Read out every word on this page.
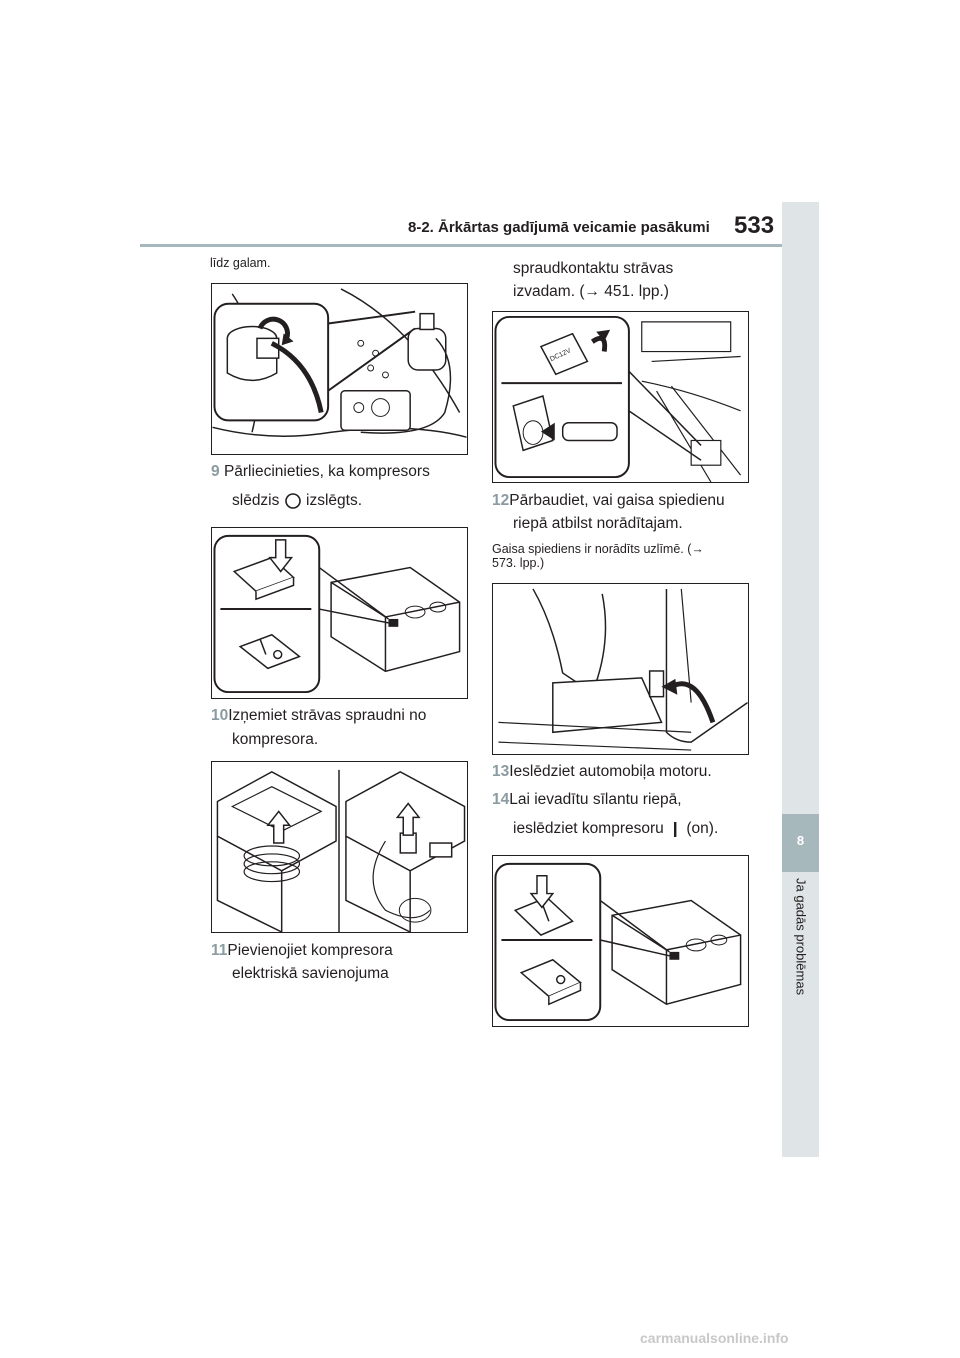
8-2. Ārkārtas gadījumā veicamie pasākumi 533
8
Ja gadās problēmas
līdz galam.
9 Pārliecinieties, ka kompresors
slēdzis izslēgts.
10Izņemiet strāvas spraudni no
kompresora.
11Pievienojiet kompresora
elektriskā savienojuma
spraudkontaktu strāvas
izvadam. (→ 451. lpp.)
DC12V
12Pārbaudiet, vai gaisa spiedienu
riepā atbilst norādītajam.
Gaisa spiediens ir norādīts uzlīmē. (→
573. lpp.)
13Ieslēdziet automobiļa motoru.
14Lai ievadītu sīlantu riepā,
ieslēdziet kompresoru (on).
carmanualsonline.info
